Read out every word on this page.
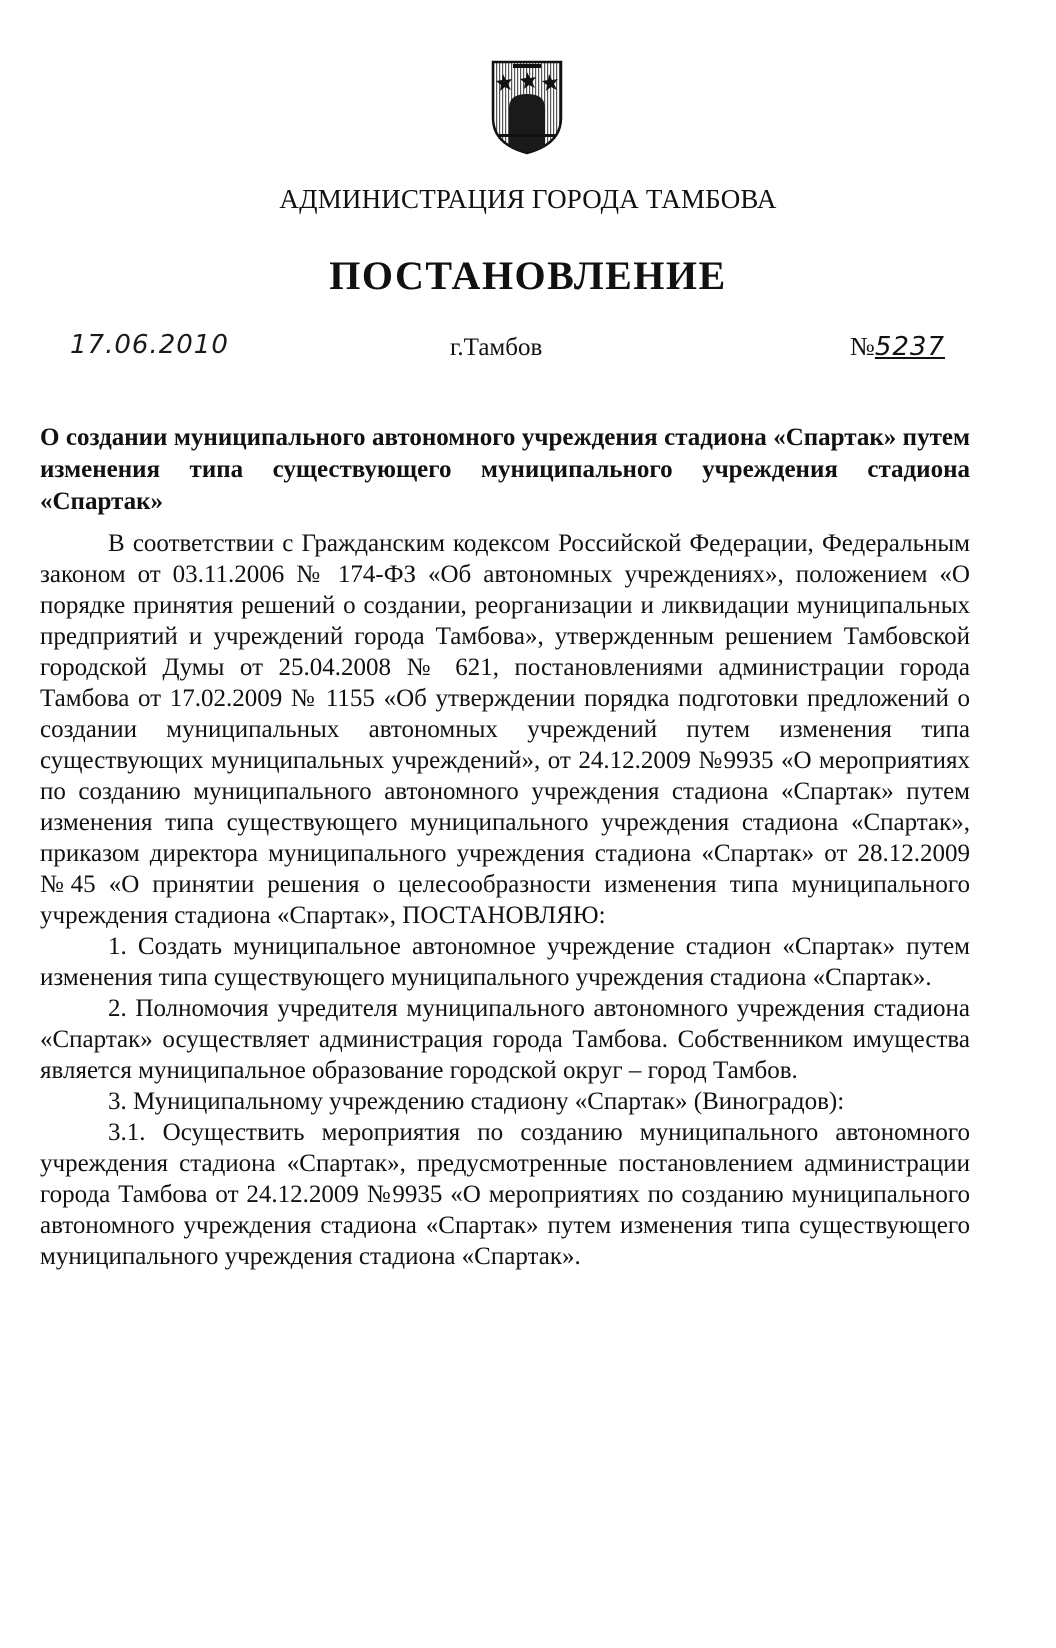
АДМИНИСТРАЦИЯ ГОРОДА ТАМБОВА
ПОСТАНОВЛЕНИЕ
17.06.2010	г.Тамбов	№5237
О создании муниципального автономного учреждения стадиона «Спартак» путем изменения типа существующего муниципального учреждения стадиона «Спартак»

В соответствии с Гражданским кодексом Российской Федерации, Федеральным законом от 03.11.2006 № 174-ФЗ «Об автономных учреждениях», положением «О порядке принятия решений о создании, реорганизации и ликвидации муниципальных предприятий и учреждений города Тамбова», утвержденным решением Тамбовской городской Думы от 25.04.2008 № 621, постановлениями администрации города Тамбова от 17.02.2009 № 1155 «Об утверждении порядка подготовки предложений о создании муниципальных автономных учреждений путем изменения типа существующих муниципальных учреждений», от 24.12.2009 №9935 «О мероприятиях по созданию муниципального автономного учреждения стадиона «Спартак» путем изменения типа существующего муниципального учреждения стадиона «Спартак», приказом директора муниципального учреждения стадиона «Спартак» от 28.12.2009 №45 «О принятии решения о целесообразности изменения типа муниципального учреждения стадиона «Спартак», ПОСТАНОВЛЯЮ:

1. Создать муниципальное автономное учреждение стадион «Спартак» путем изменения типа существующего муниципального учреждения стадиона «Спартак».

2. Полномочия учредителя муниципального автономного учреждения стадиона «Спартак» осуществляет администрация города Тамбова. Собственником имущества является муниципальное образование городской округ – город Тамбов.

3. Муниципальному учреждению стадиону «Спартак» (Виноградов):

3.1. Осуществить мероприятия по созданию муниципального автономного учреждения стадиона «Спартак», предусмотренные постановлением администрации города Тамбова от 24.12.2009 №9935 «О мероприятиях по созданию муниципального автономного учреждения стадиона «Спартак» путем изменения типа существующего муниципального учреждения стадиона «Спартак».
